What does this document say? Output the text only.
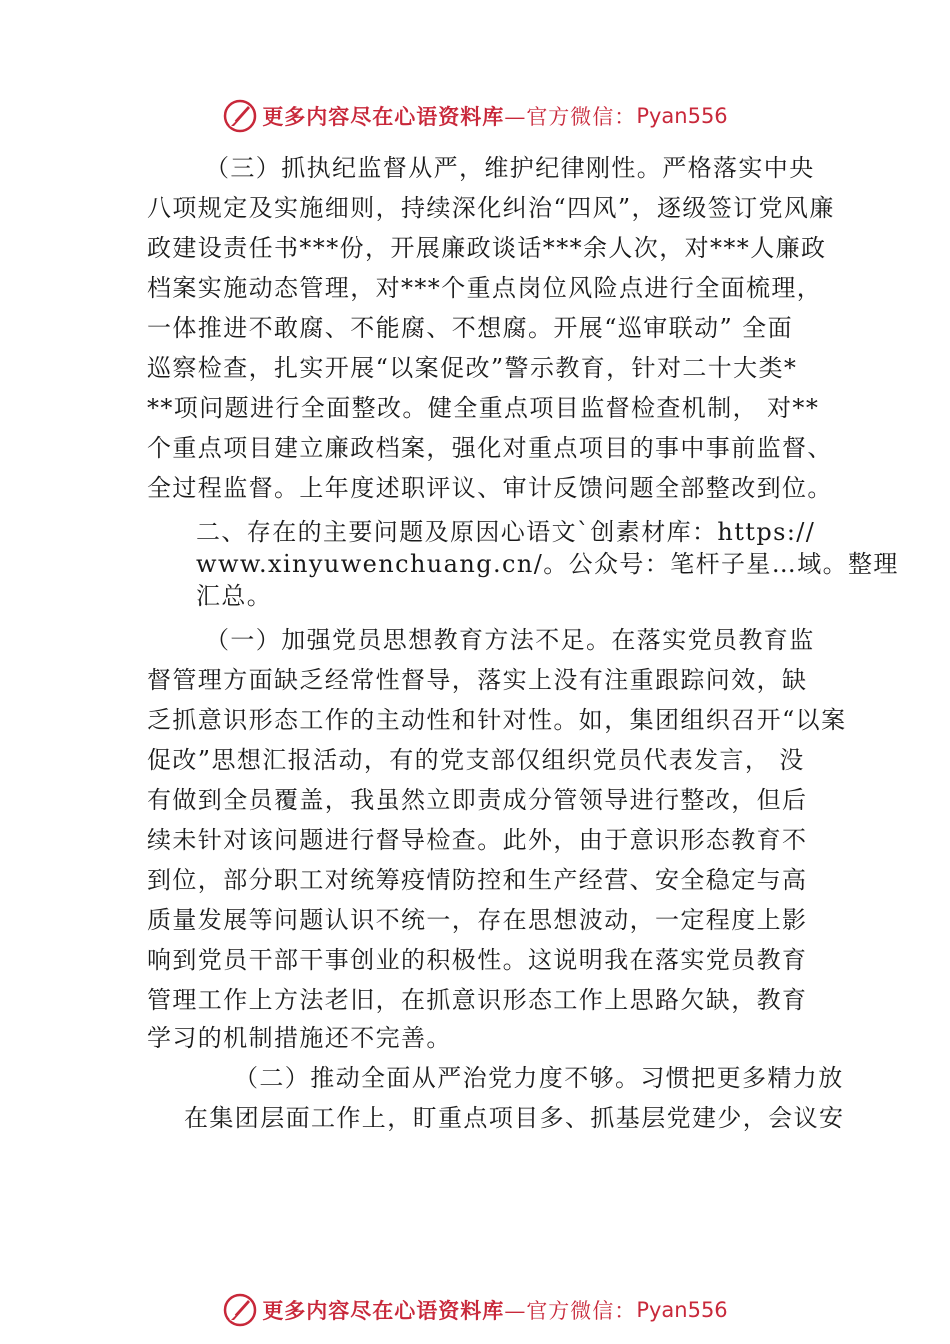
更多内容尽在心语资料库 —官方微信： Pyan556

（三）抓执纪监督从严，维护纪律刚性。严格落实中央

八项规定及实施细则，持续深化纠治“四风”，逐级签订党风廉

政建设责任书***份，开展廉政谈话***余人次，对***人廉政

档案实施动态管理，对***个重点岗位风险点进行全面梳理，

一体推进不敢腐、不能腐、不想腐。开展“巡审联动” 全面

巡察检查，扎实开展“以案促改”警示教育，针对二十大类*

**项问题进行全面整改。健全重点项目监督检查机制， 对**

个重点项目建立廉政档案，强化对重点项目的事中事前监督、

全过程监督。上年度述职评议、审计反馈问题全部整改到位。

二、存在的主要问题及原因心语文`创素材库：https://

www.xinyuwenchuang.cn/。公众号：笔杆子星…域。整理

汇总。

（一）加强党员思想教育方法不足。在落实党员教育监

督管理方面缺乏经常性督导，落实上没有注重跟踪问效，缺

乏抓意识形态工作的主动性和针对性。如，集团组织召开“以案

促改”思想汇报活动，有的党支部仅组织党员代表发言， 没

有做到全员覆盖，我虽然立即责成分管领导进行整改，但后

续未针对该问题进行督导检查。此外，由于意识形态教育不

到位，部分职工对统筹疫情防控和生产经营、安全稳定与高

质量发展等问题认识不统一，存在思想波动，一定程度上影

响到党员干部干事创业的积极性。这说明我在落实党员教育

管理工作上方法老旧，在抓意识形态工作上思路欠缺，教育

学习的机制措施还不完善。

（二）推动全面从严治党力度不够。习惯把更多精力放

在集团层面工作上，盯重点项目多、抓基层党建少，会议安

更多内容尽在心语资料库 —官方微信： Pyan556
